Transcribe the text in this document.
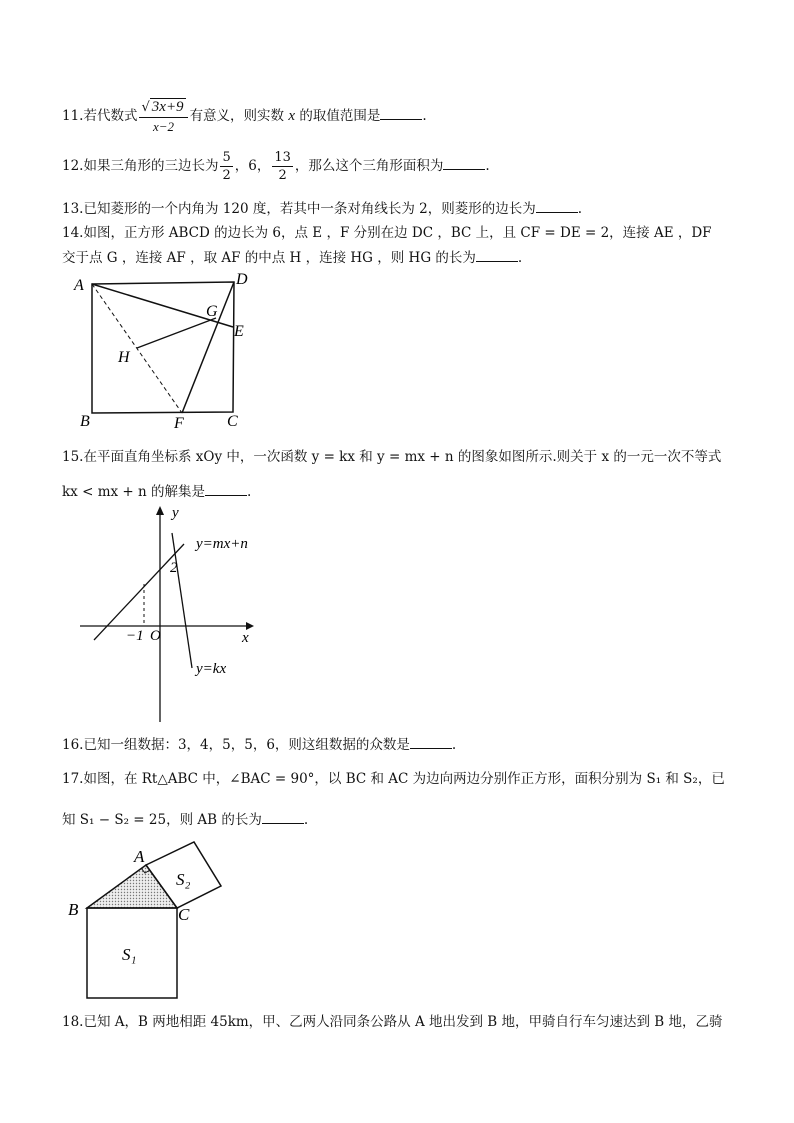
11.若代数式 $\frac{√ 3x+9}{x-2}$ 有意义，则实数 x 的取值范围是	.
12.如果三角形的三边长为 $\frac{5}{2}$ ，6， $\frac{13}{2}$ ，那么这个三角形面积为	.
13.已知菱形的一个内角为 120 度，若其中一条对角线长为 2，则菱形的边长为	.
14.如图，正方形 ABCD 的边长为 6，点 E ，F 分别在边 DC ，BC 上，且 CF = DE = 2，连接 AE ，DF
交于点 G ，连接 AF ，取 AF 的中点 H ，连接 HG ，则 HG 的长为	.
A	D
G
E
H
B	F	C
15.在平面直角坐标系 xOy 中，一次函数 y = kx 和 y = mx + n 的图象如图所示.则关于 x 的一元一次不等式
kx < mx + n 的解集是	.
y
x
O
y=mx+n
y=kx
2
−1
16.已知一组数据：3，4，5，5，6，则这组数据的众数是	.
17.如图，在 Rt△ABC 中，∠BAC = 90°，以 BC 和 AC 为边向两边分别作正方形，面积分别为 S₁ 和 S₂，已
知 S₁ − S₂ = 25，则 AB 的长为	.
A
B	C
S₂
S₁
18.已知 A，B 两地相距 45km，甲、乙两人沿同条公路从 A 地出发到 B 地，甲骑自行车匀速达到 B 地，乙骑
